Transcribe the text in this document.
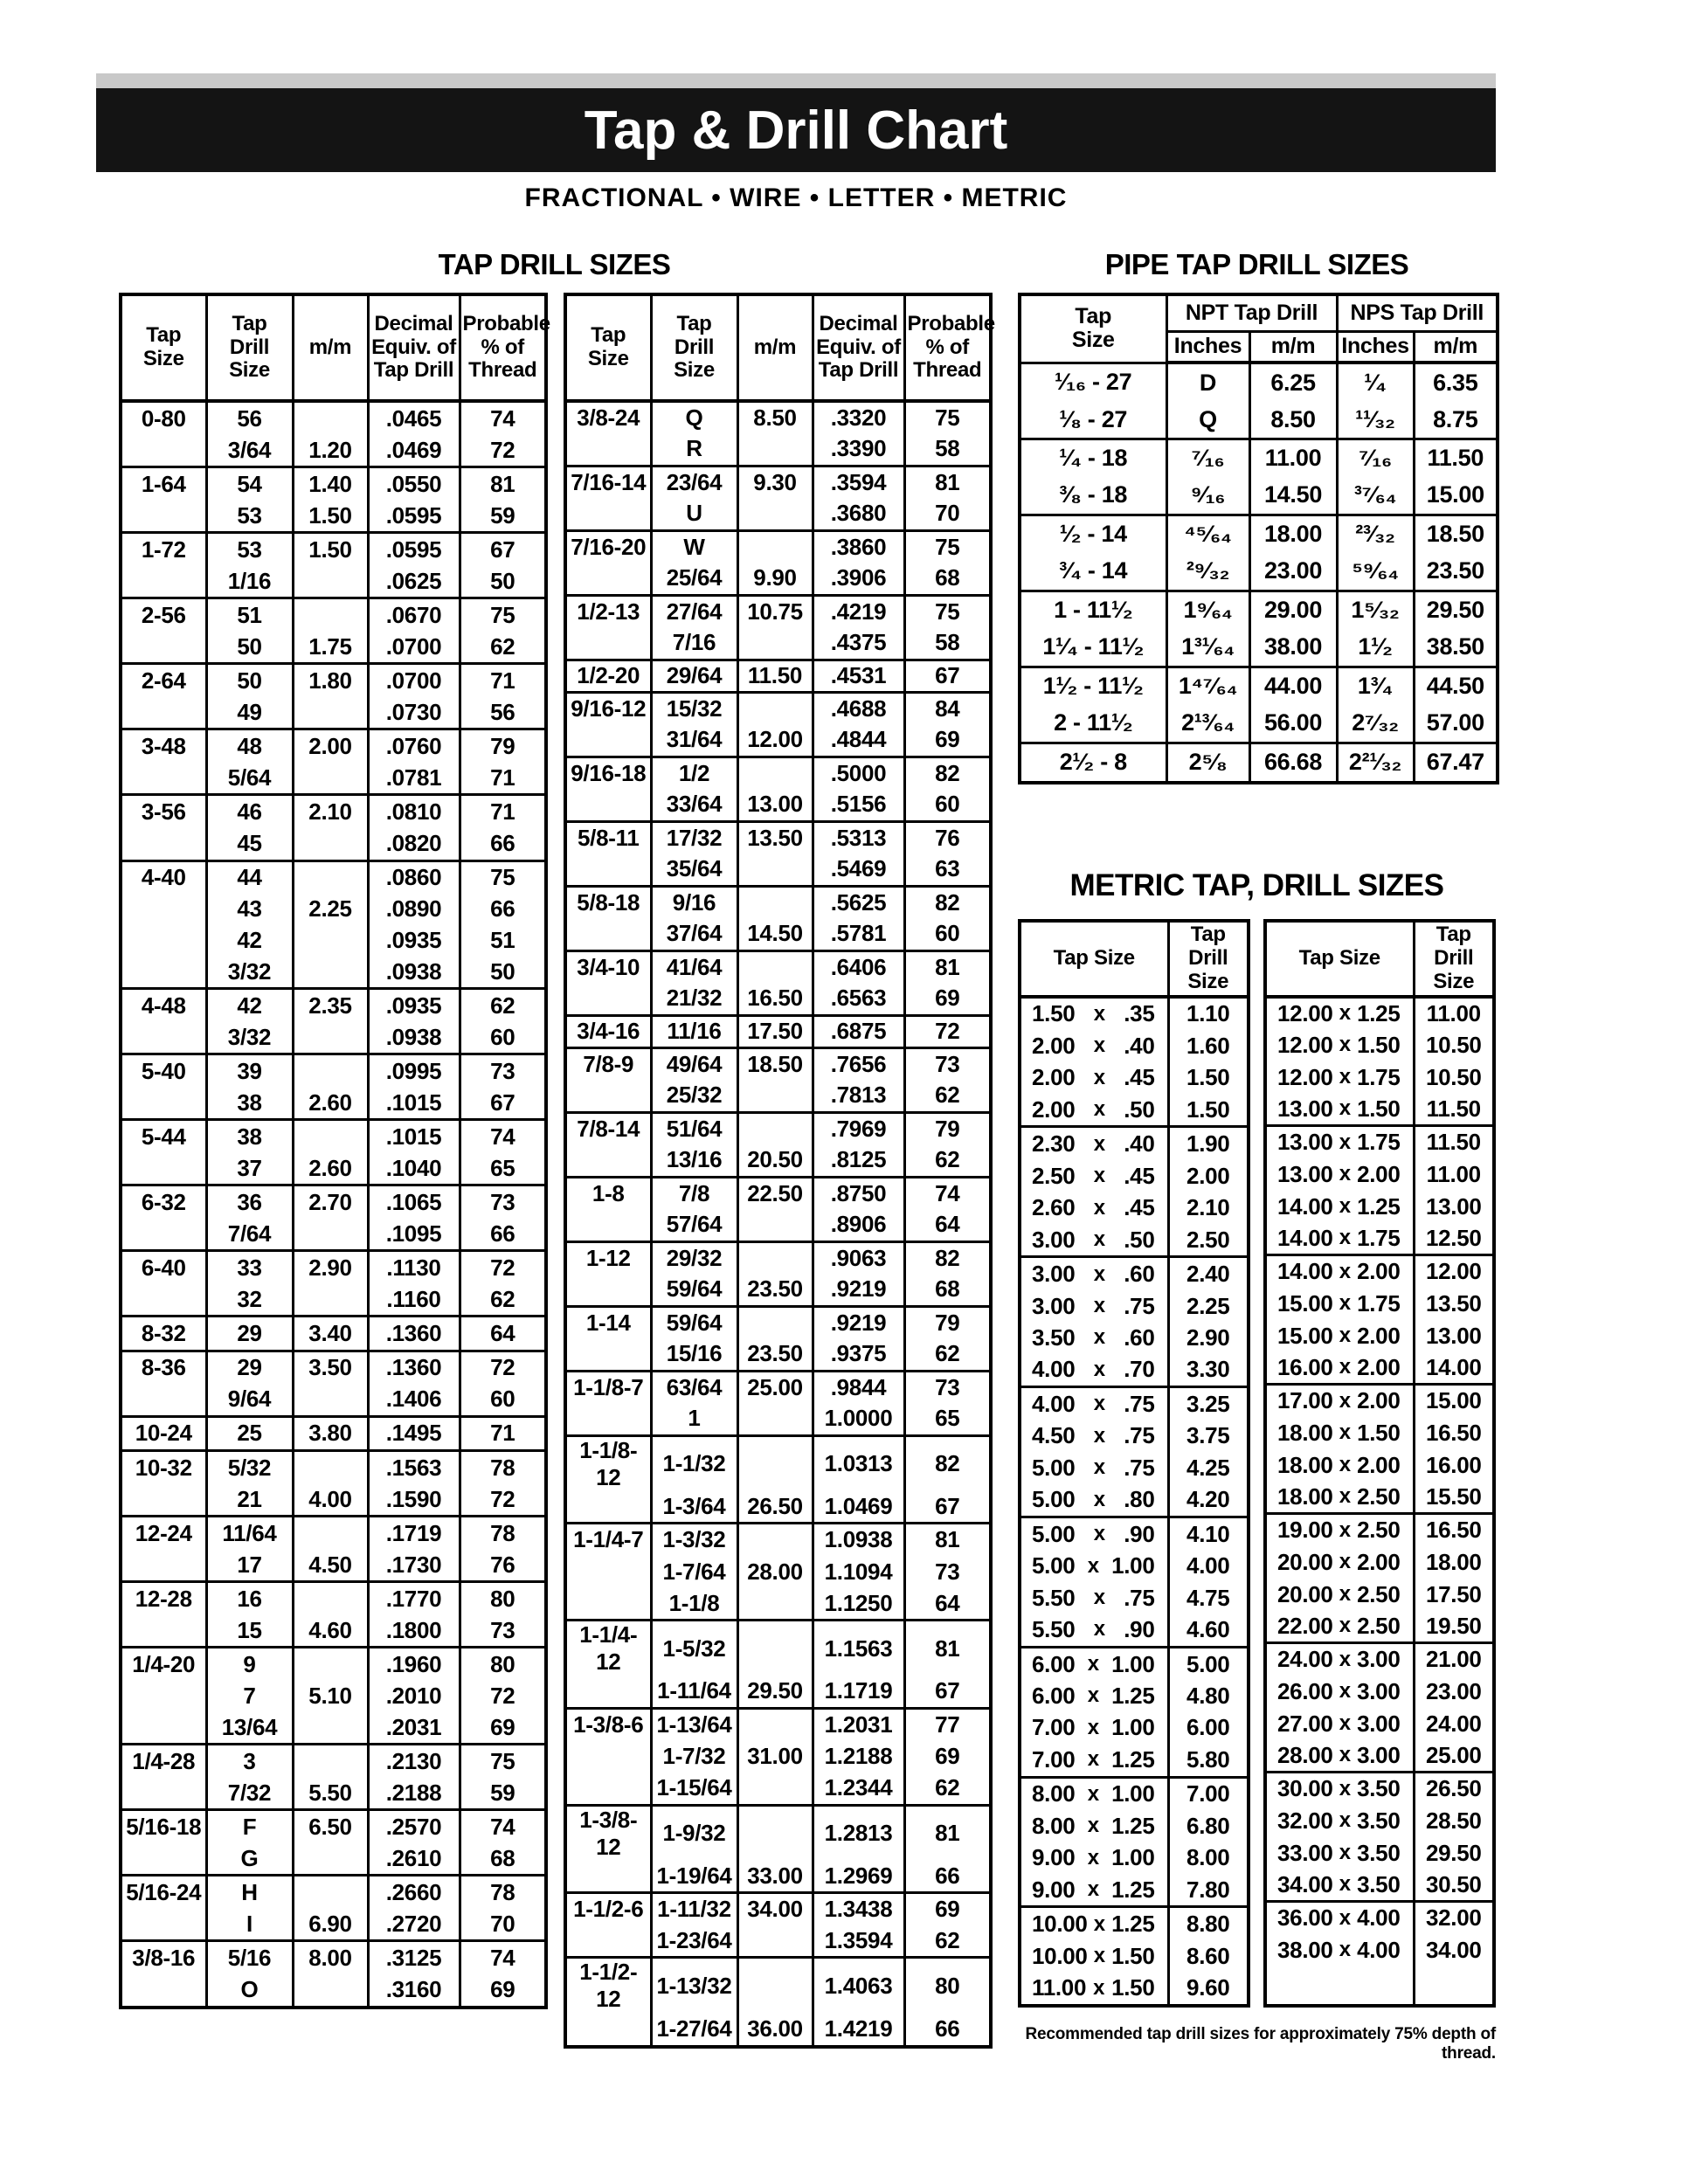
Tap & Drill Chart
FRACTIONAL • WIRE • LETTER • METRIC
TAP DRILL SIZES	PIPE TAP DRILL SIZES
Tap
Size

Tap
Drill
Size

m/m

Decimal
Equiv. of
Tap Drill

Probable
% of
Thread

0-80	56		.0465	74
	3/64	1.20	.0469	72
1-64	54	1.40	.0550	81
	53	1.50	.0595	59
1-72	53	1.50	.0595	67
	1/16		.0625	50
2-56	51		.0670	75
	50	1.75	.0700	62
2-64	50	1.80	.0700	71
	49		.0730	56
3-48	48	2.00	.0760	79
	5/64		.0781	71
3-56	46	2.10	.0810	71
	45		.0820	66
4-40	44		.0860	75
	43	2.25	.0890	66
	42		.0935	51
	3/32		.0938	50
4-48	42	2.35	.0935	62
	3/32		.0938	60
5-40	39		.0995	73
	38	2.60	.1015	67
5-44	38		.1015	74
	37	2.60	.1040	65
6-32	36	2.70	.1065	73
	7/64		.1095	66
6-40	33	2.90	.1130	72
	32		.1160	62
8-32	29	3.40	.1360	64
8-36	29	3.50	.1360	72
	9/64		.1406	60
10-24	25	3.80	.1495	71
10-32	5/32		.1563	78
	21	4.00	.1590	72
12-24	11/64		.1719	78
	17	4.50	.1730	76
12-28	16		.1770	80
	15	4.60	.1800	73
1/4-20	9		.1960	80
	7	5.10	.2010	72
	13/64		.2031	69
1/4-28	3		.2130	75
	7/32	5.50	.2188	59
5/16-18	F	6.50	.2570	74
	G		.2610	68
5/16-24	H		.2660	78
	I	6.90	.2720	70
3/8-16	5/16	8.00	.3125	74
	O		.3160	69
Tap
Size

Tap
Drill
Size

m/m

Decimal
Equiv. of
Tap Drill

Probable
% of
Thread

3/8-24	Q	8.50	.3320	75
	R		.3390	58
7/16-14	23/64	9.30	.3594	81
	U		.3680	70
7/16-20	W		.3860	75
	25/64	9.90	.3906	68
1/2-13	27/64	10.75	.4219	75
	7/16		.4375	58
1/2-20	29/64	11.50	.4531	67
9/16-12	15/32		.4688	84
	31/64	12.00	.4844	69
9/16-18	1/2		.5000	82
	33/64	13.00	.5156	60
5/8-11	17/32	13.50	.5313	76
	35/64		.5469	63
5/8-18	9/16		.5625	82
	37/64	14.50	.5781	60
3/4-10	41/64		.6406	81
	21/32	16.50	.6563	69
3/4-16	11/16	17.50	.6875	72
7/8-9	49/64	18.50	.7656	73
	25/32		.7813	62
7/8-14	51/64		.7969	79
	13/16	20.50	.8125	62
1-8	7/8	22.50	.8750	74
	57/64		.8906	64
1-12	29/32		.9063	82
	59/64	23.50	.9219	68
1-14	59/64		.9219	79
	15/16	23.50	.9375	62
1-1/8-7	63/64	25.00	.9844	73
	1		1.0000	65
1-1/8-12	1-1/32		1.0313	82
	1-3/64	26.50	1.0469	67
1-1/4-7	1-3/32		1.0938	81
	1-7/64	28.00	1.1094	73
	1-1/8		1.1250	64
1-1/4-12	1-5/32		1.1563	81
	1-11/64	29.50	1.1719	67
1-3/8-6	1-13/64		1.2031	77
	1-7/32	31.00	1.2188	69
	1-15/64		1.2344	62
1-3/8-12	1-9/32		1.2813	81
	1-19/64	33.00	1.2969	66
1-1/2-6	1-11/32	34.00	1.3438	69
	1-23/64		1.3594	62
1-1/2-12	1-13/32		1.4063	80
	1-27/64	36.00	1.4219	66

Tap
Size	NPT Tap Drill		NPS Tap Drill	

	Inches	m/m	Inches	m/m

¹⁄₁₆ - 27	D	6.25	¹⁄₄	6.35
¹⁄₈ - 27	Q	8.50	¹¹⁄₃₂	8.75
¹⁄₄ - 18	⁷⁄₁₆	11.00	⁷⁄₁₆	11.50
³⁄₈ - 18	⁹⁄₁₆	14.50	³⁷⁄₆₄	15.00
¹⁄₂ - 14	⁴⁵⁄₆₄	18.00	²³⁄₃₂	18.50
³⁄₄ - 14	²⁹⁄₃₂	23.00	⁵⁹⁄₆₄	23.50
1 - 11¹⁄₂	1⁹⁄₆₄	29.00	1⁵⁄₃₂	29.50
1¹⁄₄ - 11¹⁄₂	1³¹⁄₆₄	38.00	1¹⁄₂	38.50
1¹⁄₂ - 11¹⁄₂	1⁴⁷⁄₆₄	44.00	1³⁄₄	44.50
2 - 11¹⁄₂	2¹³⁄₆₄	56.00	2⁷⁄₃₂	57.00
2¹⁄₂ - 8	2⁵⁄₈	66.68	2²¹⁄₃₂	67.47
METRIC TAP, DRILL SIZES
Tap Size	Tap Drill
Size

1.50 x .35	1.10

2.00 x .40	1.60

2.00 x .45	1.50

2.00 x .50	1.50

2.30 x .40	1.90

2.50 x .45	2.00

2.60 x .45	2.10

3.00 x .50	2.50

3.00 x .60	2.40

3.00 x .75	2.25

3.50 x .60	2.90

4.00 x .70	3.30

4.00 x .75	3.25

4.50 x .75	3.75

5.00 x .75	4.25

5.00 x .80	4.20

5.00 x .90	4.10

5.00 x 1.00	4.00

5.50 x .75	4.75

5.50 x .90	4.60

6.00 x 1.00	5.00

6.00 x 1.25	4.80

7.00 x 1.00	6.00

7.00 x 1.25	5.80

8.00 x 1.00	7.00

8.00 x 1.25	6.80

9.00 x 1.00	8.00

9.00 x 1.25	7.80

10.00 x 1.25	8.80

10.00 x 1.50	8.60

11.00 x 1.50	9.60
Tap Size	Tap Drill
Size

12.00 x 1.25	11.00

12.00 x 1.50	10.50

12.00 x 1.75	10.50

13.00 x 1.50	11.50

13.00 x 1.75	11.50

13.00 x 2.00	11.00

14.00 x 1.25	13.00

14.00 x 1.75	12.50

14.00 x 2.00	12.00

15.00 x 1.75	13.50

15.00 x 2.00	13.00

16.00 x 2.00	14.00

17.00 x 2.00	15.00

18.00 x 1.50	16.50

18.00 x 2.00	16.00

18.00 x 2.50	15.50

19.00 x 2.50	16.50

20.00 x 2.00	18.00

20.00 x 2.50	17.50

22.00 x 2.50	19.50

24.00 x 3.00	21.00

26.00 x 3.00	23.00

27.00 x 3.00	24.00

28.00 x 3.00	25.00

30.00 x 3.50	26.50

32.00 x 3.50	28.50

33.00 x 3.50	29.50

34.00 x 3.50	30.50

36.00 x 4.00	32.00

38.00 x 4.00	34.00

Recommended tap drill sizes for approximately 75% depth of thread.
